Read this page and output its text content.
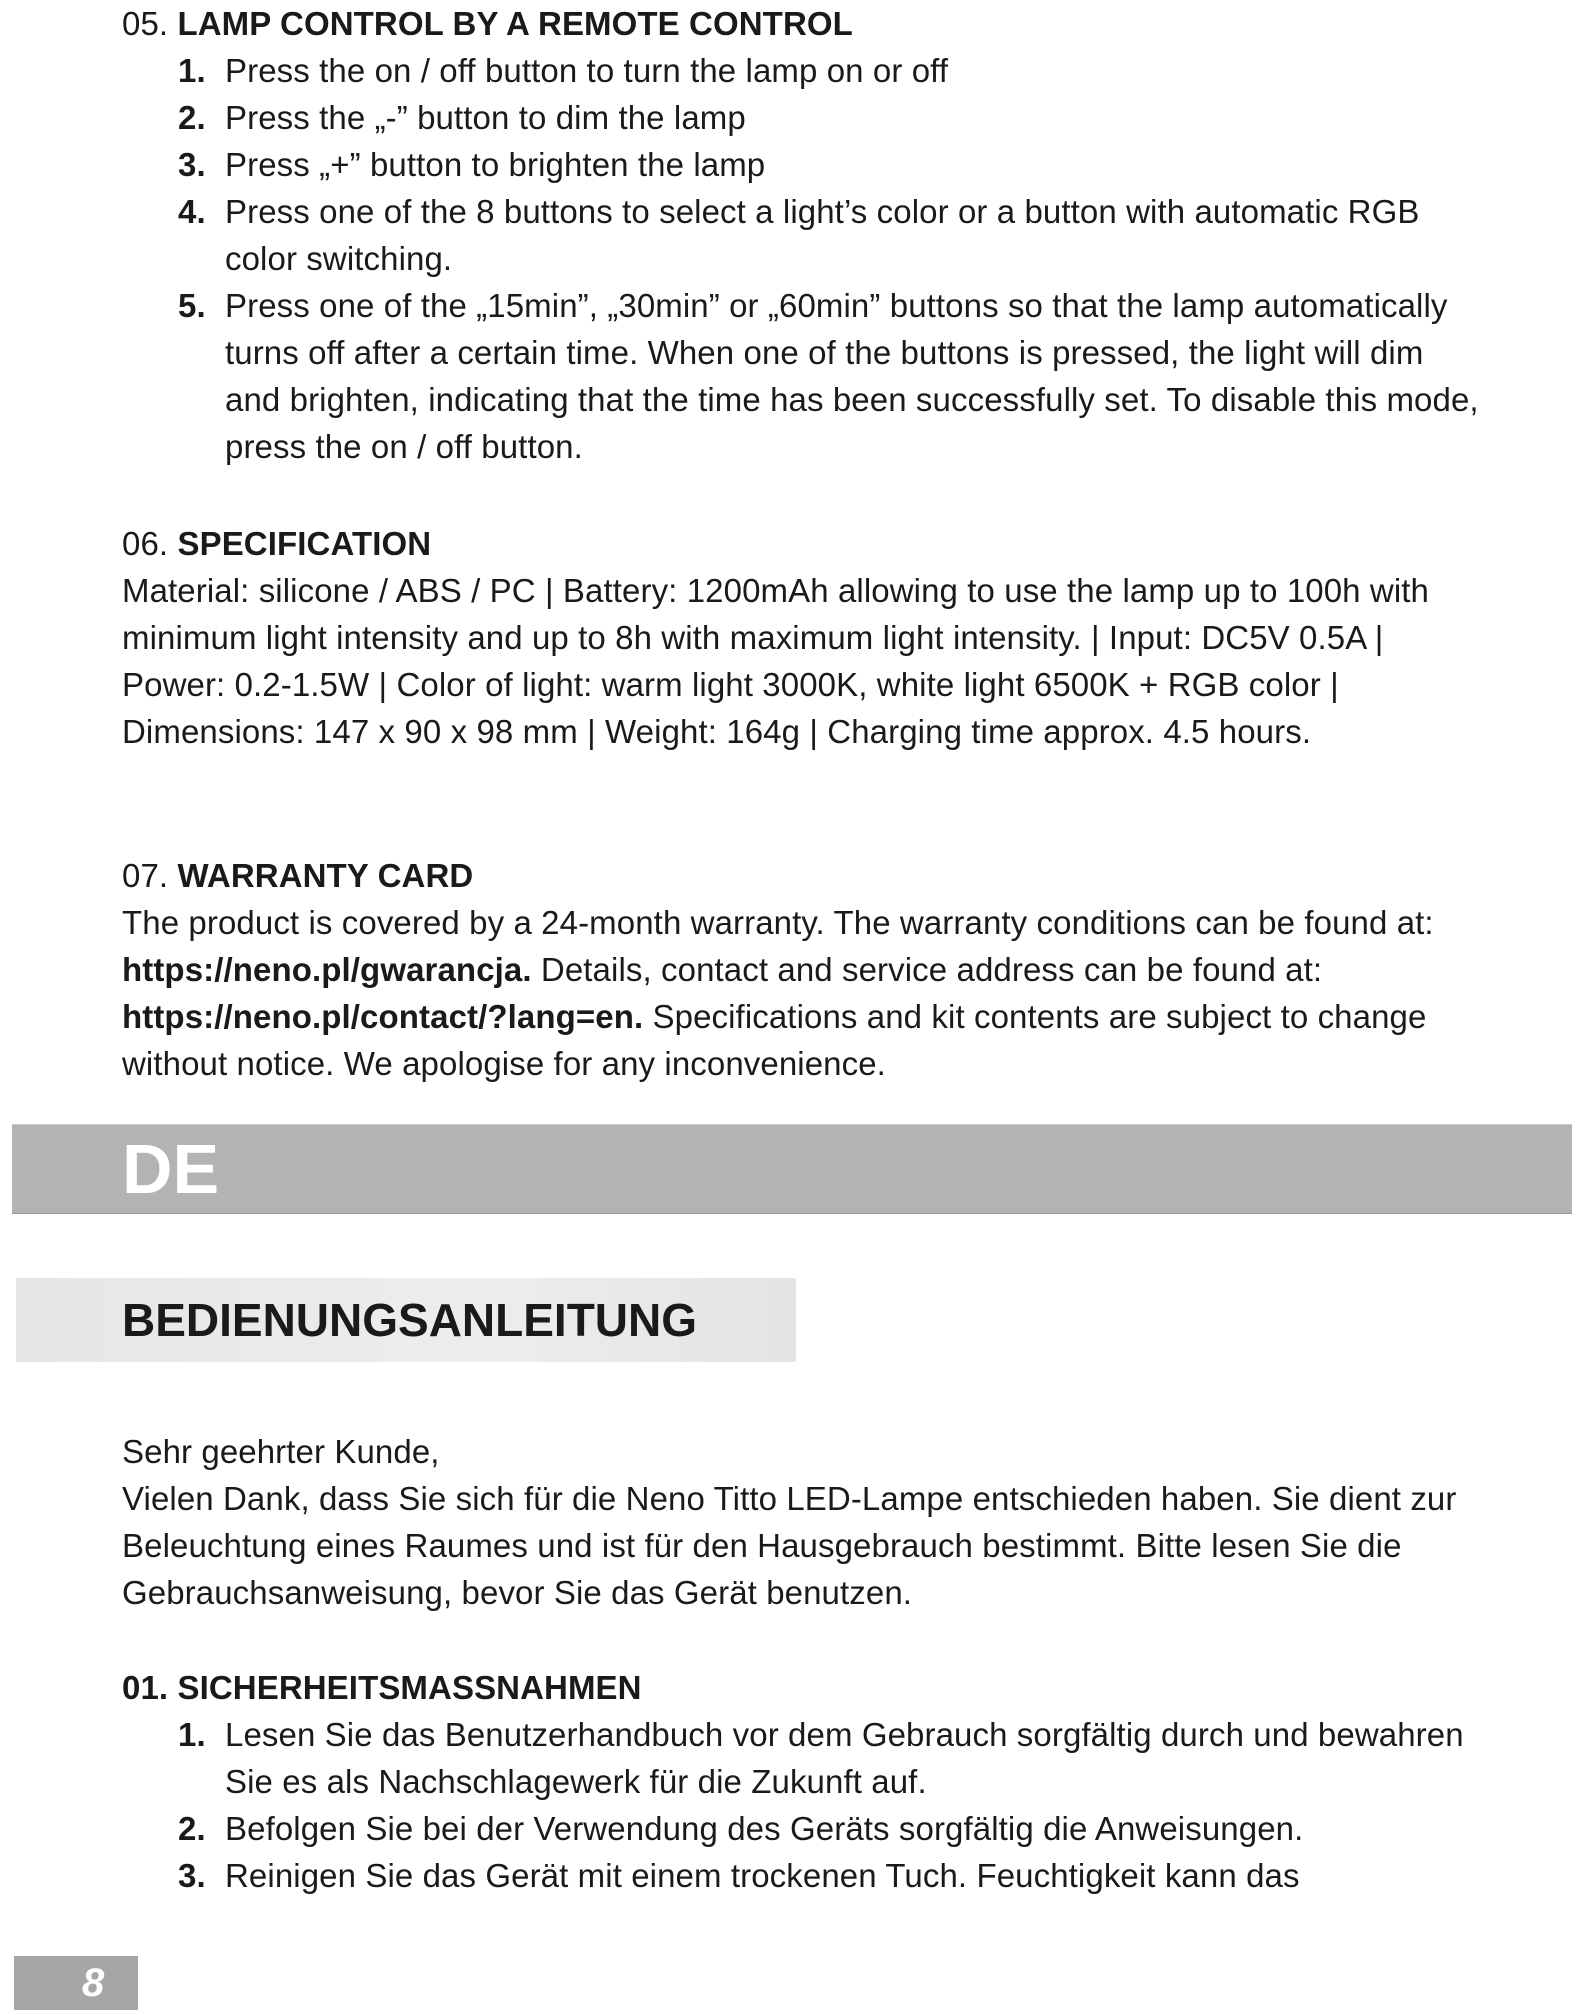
05. LAMP CONTROL BY A REMOTE CONTROL
1. Press the on / off button to turn the lamp on or off
2. Press the „-” button to dim the lamp
3. Press „+” button to brighten the lamp
4. Press one of the 8 buttons to select a light’s color or a button with automatic RGB color switching.
5. Press one of the „15min”, „30min” or „60min” buttons so that the lamp automatically turns off after a certain time. When one of the buttons is pressed, the light will dim and brighten, indicating that the time has been successfully set. To disable this mode, press the on / off button.
06. SPECIFICATION
Material: silicone / ABS / PC | Battery: 1200mAh allowing to use the lamp up to 100h with minimum light intensity and up to 8h with maximum light intensity. | Input: DC5V 0.5A | Power: 0.2-1.5W | Color of light: warm light 3000K, white light 6500K + RGB color | Dimensions: 147 x 90 x 98 mm | Weight: 164g | Charging time approx. 4.5 hours.
07. WARRANTY CARD
The product is covered by a 24-month warranty. The warranty conditions can be found at: https://neno.pl/gwarancja. Details, contact and service address can be found at: https://neno.pl/contact/?lang=en. Specifications and kit contents are subject to change without notice. We apologise for any inconvenience.
DE
BEDIENUNGSANLEITUNG
Sehr geehrter Kunde,
Vielen Dank, dass Sie sich für die Neno Titto LED-Lampe entschieden haben. Sie dient zur Beleuchtung eines Raumes und ist für den Hausgebrauch bestimmt. Bitte lesen Sie die Gebrauchsanweisung, bevor Sie das Gerät benutzen.
01. SICHERHEITSMASSNAHMEN
1. Lesen Sie das Benutzerhandbuch vor dem Gebrauch sorgfältig durch und bewahren Sie es als Nachschlagewerk für die Zukunft auf.
2. Befolgen Sie bei der Verwendung des Geräts sorgfältig die Anweisungen.
3. Reinigen Sie das Gerät mit einem trockenen Tuch. Feuchtigkeit kann das
8
